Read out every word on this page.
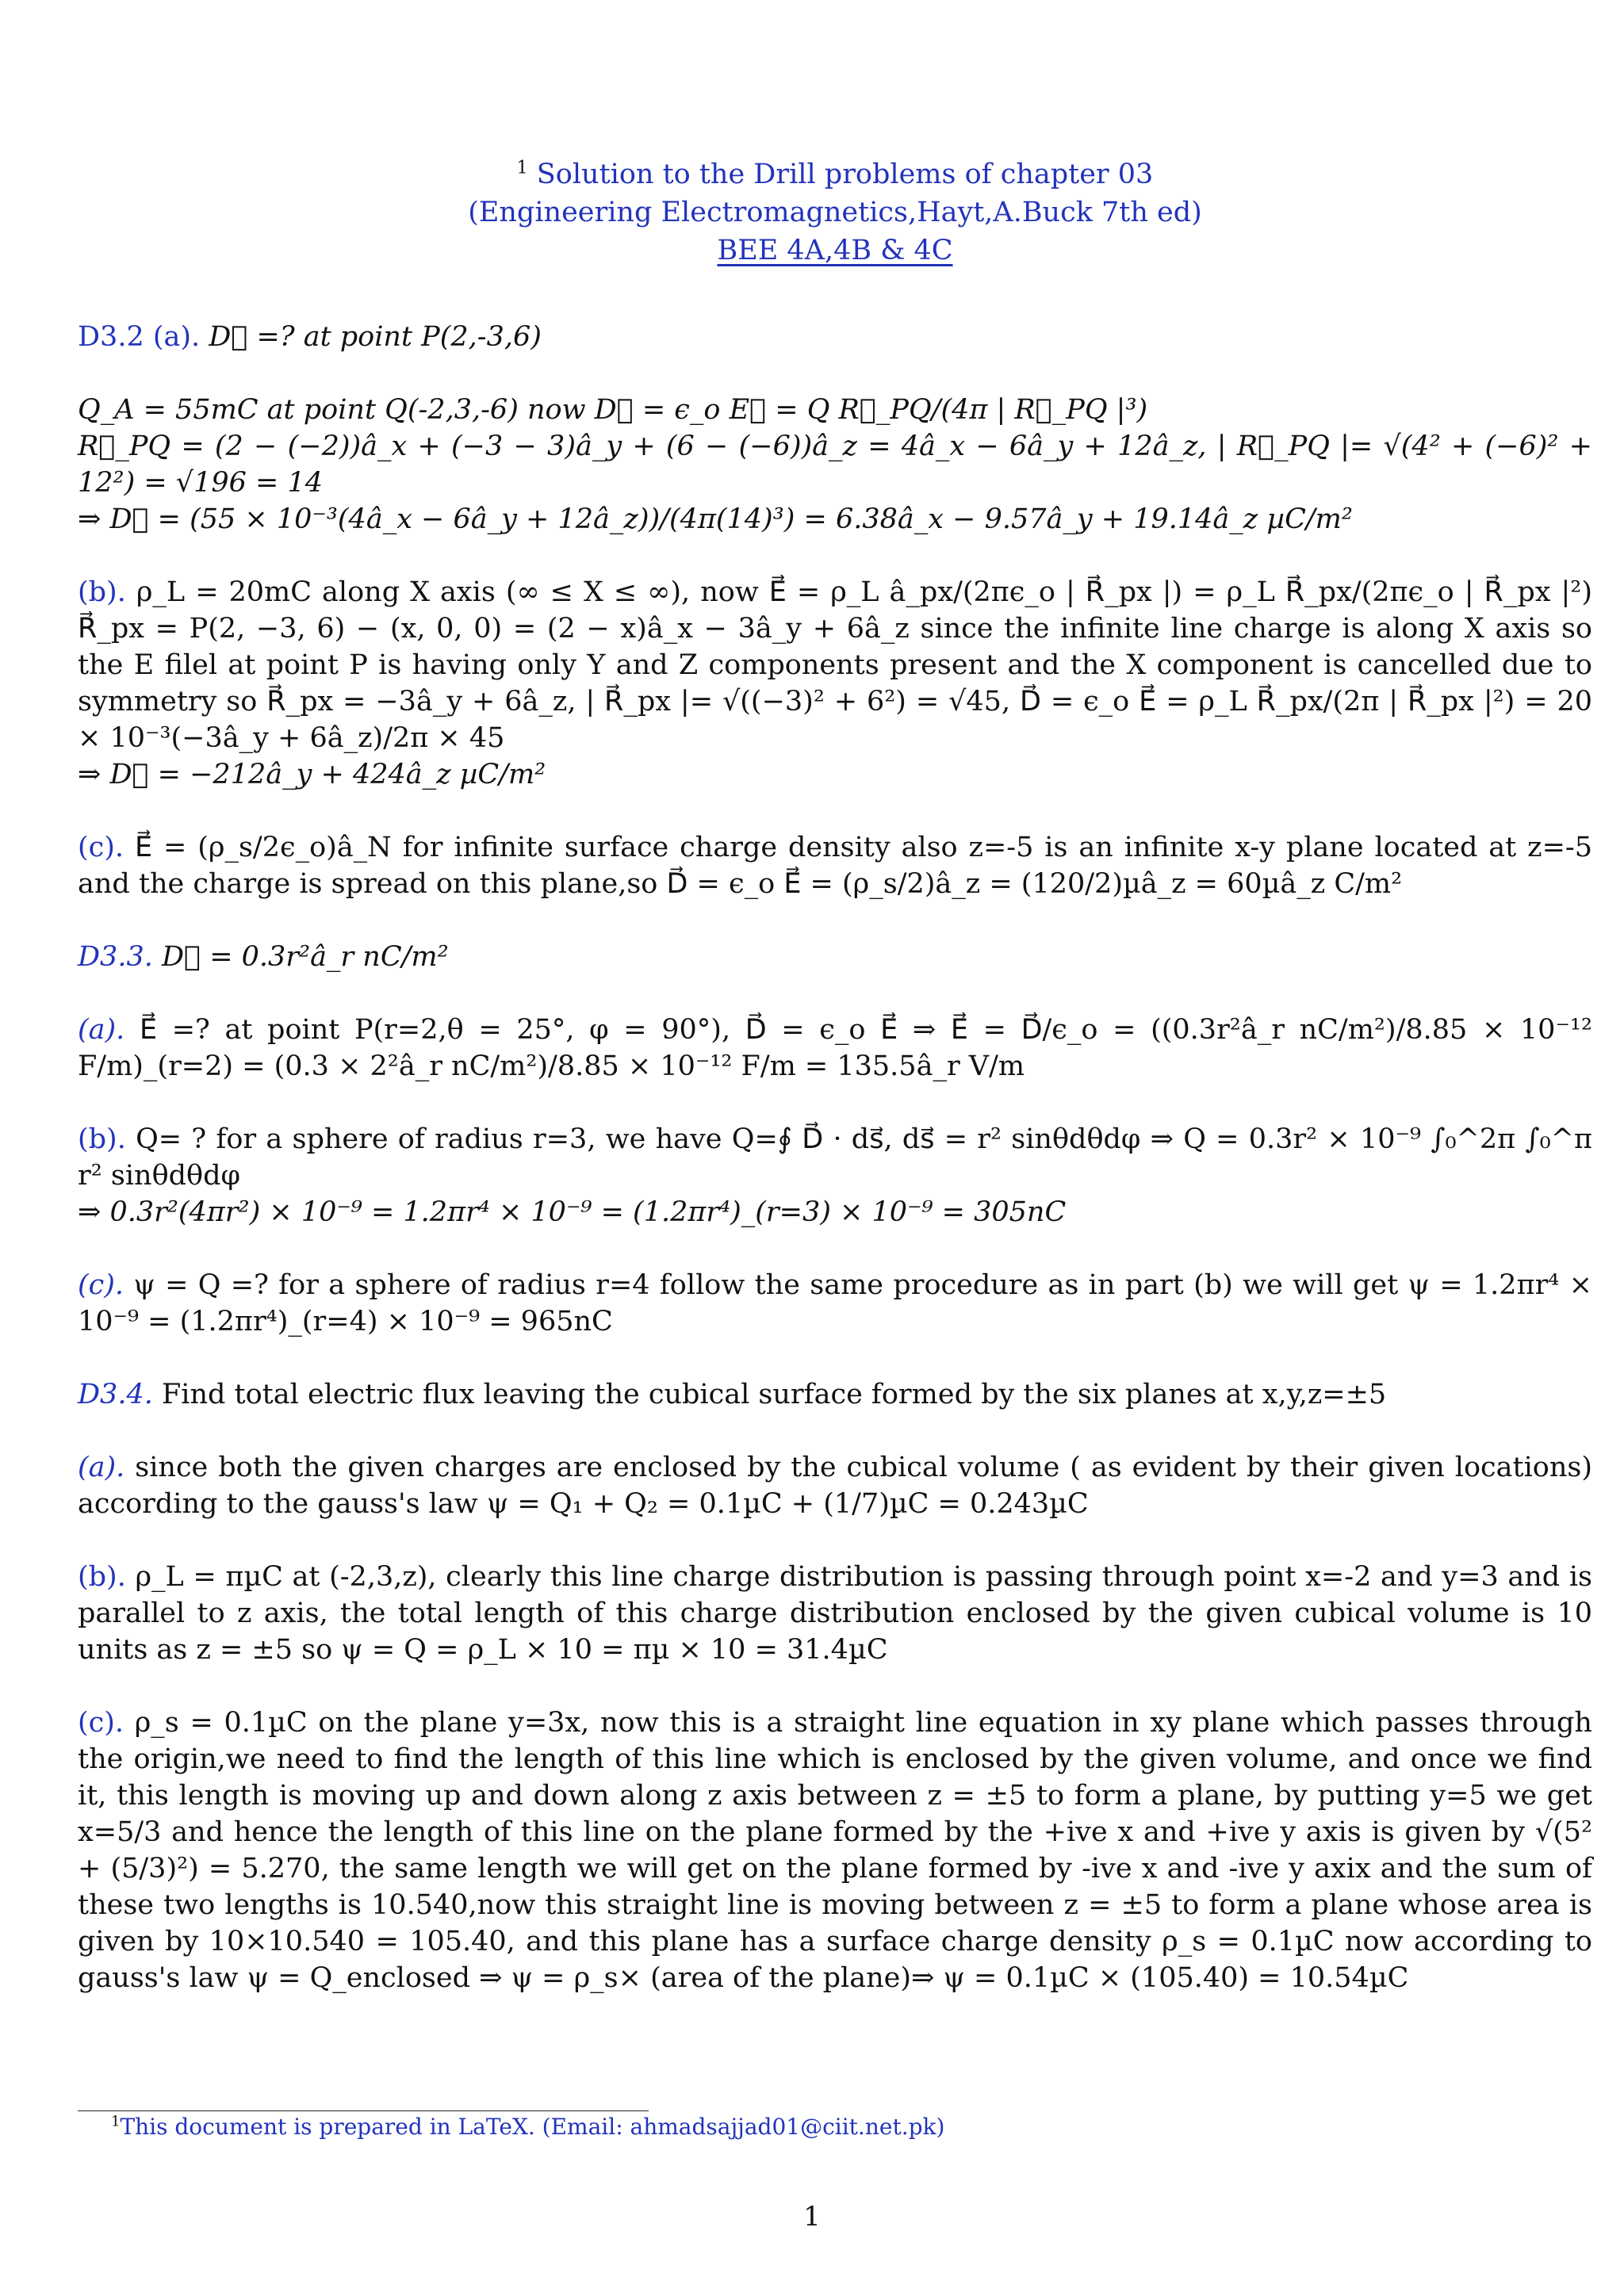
$^1$ Solution to the Drill problems of chapter 03
(Engineering Electromagnetics,Hayt,A.Buck 7th ed)
BEE 4A,4B & 4C

D3.2 (a). D⃗ =? at point P(2,-3,6)

Q_A = 55mC at point Q(-2,3,-6) now D⃗ = ϵ_o E⃗ = Q R⃗_PQ/(4π | R⃗_PQ |³)

R⃗_PQ = (2 − (−2))â_x + (−3 − 3)â_y + (6 − (−6))â_z = 4â_x − 6â_y + 12â_z, | R⃗_PQ |= √(4² + (−6)² + 12²) = √196 = 14

⇒ D⃗ = (55 × 10⁻³(4â_x − 6â_y + 12â_z))/(4π(14)³) = 6.38â_x − 9.57â_y + 19.14â_z µC/m²

(b). ρ_L = 20mC along X axis (∞ ≤ X ≤ ∞), now E⃗ = ρ_L â_px/(2πϵ_o | R⃗_px |) = ρ_L R⃗_px/(2πϵ_o | R⃗_px |²) R⃗_px = P(2, −3, 6) − (x, 0, 0) = (2 − x)â_x − 3â_y + 6â_z since the infinite line charge is along X axis so the E filel at point P is having only Y and Z components present and the X component is cancelled due to symmetry so R⃗_px = −3â_y + 6â_z, | R⃗_px |= √((−3)² + 6²) = √45, D⃗ = ϵ_o E⃗ = ρ_L R⃗_px/(2π | R⃗_px |²) = 20 × 10⁻³(−3â_y + 6â_z)/2π × 45

⇒ D⃗ = −212â_y + 424â_z µC/m²

(c). E⃗ = (ρ_s/2ϵ_o)â_N for infinite surface charge density also z=-5 is an infinite x-y plane located at z=-5 and the charge is spread on this plane,so D⃗ = ϵ_o E⃗ = (ρ_s/2)â_z = (120/2)µâ_z = 60µâ_z C/m²

D3.3. D⃗ = 0.3r²â_r nC/m²

(a). E⃗ =? at point P(r=2,θ = 25°, φ = 90°), D⃗ = ϵ_o E⃗ ⇒ E⃗ = D⃗/ϵ_o = ((0.3r²â_r nC/m²)/8.85 × 10⁻¹² F/m)_(r=2) = (0.3 × 2²â_r nC/m²)/8.85 × 10⁻¹² F/m = 135.5â_r V/m

(b). Q= ? for a sphere of radius r=3, we have Q=∮ D⃗ · ds⃗, ds⃗ = r² sinθdθdφ ⇒ Q = 0.3r² × 10⁻⁹ ∫₀^2π ∫₀^π r² sinθdθdφ

⇒ 0.3r²(4πr²) × 10⁻⁹ = 1.2πr⁴ × 10⁻⁹ = (1.2πr⁴)_(r=3) × 10⁻⁹ = 305nC

(c). ψ = Q =? for a sphere of radius r=4 follow the same procedure as in part (b) we will get ψ = 1.2πr⁴ × 10⁻⁹ = (1.2πr⁴)_(r=4) × 10⁻⁹ = 965nC

D3.4. Find total electric flux leaving the cubical surface formed by the six planes at x,y,z=±5

(a). since both the given charges are enclosed by the cubical volume ( as evident by their given locations) according to the gauss's law ψ = Q₁ + Q₂ = 0.1µC + (1/7)µC = 0.243µC

(b). ρ_L = πµC at (-2,3,z), clearly this line charge distribution is passing through point x=-2 and y=3 and is parallel to z axis, the total length of this charge distribution enclosed by the given cubical volume is 10 units as z = ±5 so ψ = Q = ρ_L × 10 = πµ × 10 = 31.4µC

(c). ρ_s = 0.1µC on the plane y=3x, now this is a straight line equation in xy plane which passes through the origin,we need to find the length of this line which is enclosed by the given volume, and once we find it, this length is moving up and down along z axis between z = ±5 to form a plane, by putting y=5 we get x=5/3 and hence the length of this line on the plane formed by the +ive x and +ive y axis is given by √(5² + (5/3)²) = 5.270, the same length we will get on the plane formed by -ive x and -ive y axix and the sum of these two lengths is 10.540,now this straight line is moving between z = ±5 to form a plane whose area is given by 10×10.540 = 105.40, and this plane has a surface charge density ρ_s = 0.1µC now according to gauss's law ψ = Q_enclosed ⇒ ψ = ρ_s× (area of the plane)⇒ ψ = 0.1µC × (105.40) = 10.54µC

$^1$This document is prepared in LaTeX. (Email: ahmadsajjad01@ciit.net.pk)
1
